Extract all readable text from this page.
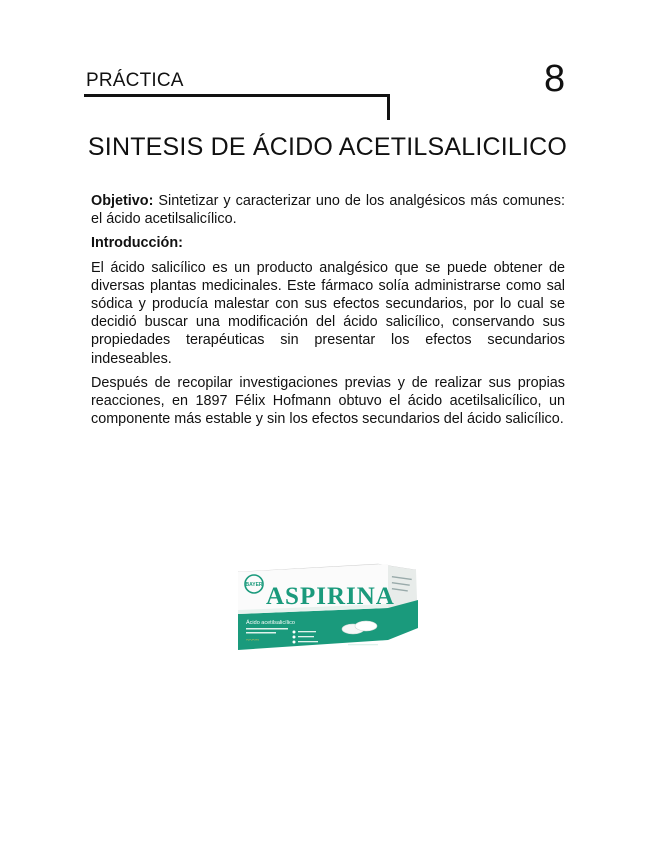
PRÁCTICA	8
SINTESIS DE ÁCIDO ACETILSALICILICO

Objetivo: Sintetizar y caracterizar uno de los analgésicos más comunes: el ácido acetilsalicílico.

Introducción:

El ácido salicílico es un producto analgésico que se puede obtener de diversas plantas medicinales. Este fármaco solía administrarse como sal sódica y producía malestar con sus efectos secundarios, por lo cual se decidió buscar una modificación del ácido salicílico, conservando sus propiedades terapéuticas sin presentar los efectos secundarios indeseables.

Después de recopilar investigaciones previas y de realizar sus propias reacciones, en 1897 Félix Hofmann obtuvo el ácido acetilsalicílico, un componente más estable y sin los efectos secundarios del ácido salicílico.

BAYER ASPIRINA
Ácido acetilsalicílico
~~~~
